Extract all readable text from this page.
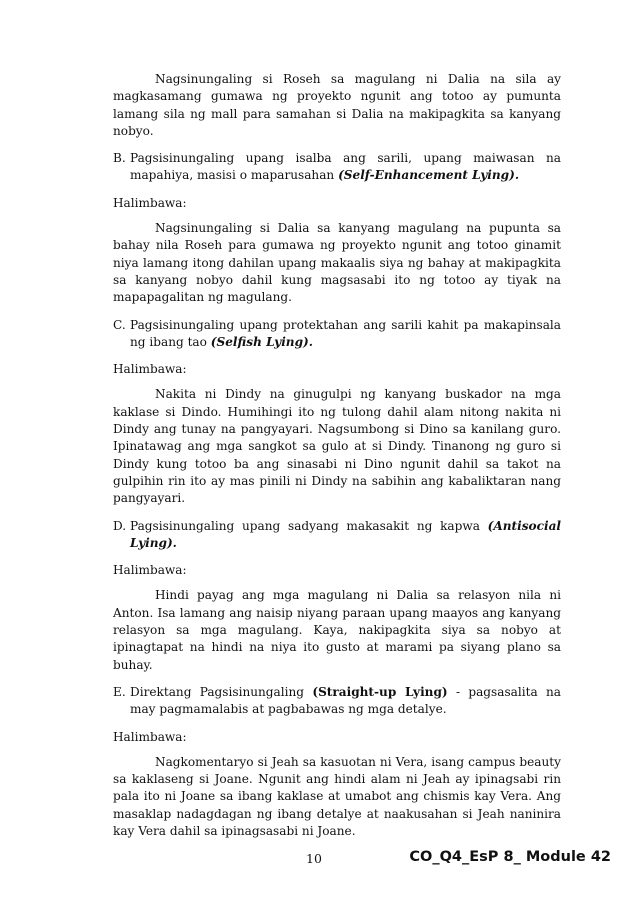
Nagsinungaling si Roseh sa magulang ni Dalia na sila ay magkasamang gumawa ng proyekto ngunit ang totoo ay pumunta lamang sila ng mall para samahan si Dalia na makipagkita sa kanyang nobyo.

B. Pagsisinungaling upang isalba ang sarili, upang maiwasan na mapahiya, masisi o maparusahan (Self-Enhancement Lying).

Halimbawa:

Nagsinungaling si Dalia sa kanyang magulang na pupunta sa bahay nila Roseh para gumawa ng proyekto ngunit ang totoo ginamit niya lamang itong dahilan upang makaalis siya ng bahay at makipagkita sa kanyang nobyo dahil kung magsasabi ito ng totoo ay tiyak na mapapagalitan ng magulang.

C. Pagsisinungaling upang protektahan ang sarili kahit pa makapinsala ng ibang tao (Selfish Lying).

Halimbawa:

Nakita ni Dindy na ginugulpi ng kanyang buskador na mga kaklase si Dindo. Humihingi ito ng tulong dahil alam nitong nakita ni Dindy ang tunay na pangyayari. Nagsumbong si Dino sa kanilang guro. Ipinatawag ang mga sangkot sa gulo at si Dindy. Tinanong ng guro si Dindy kung totoo ba ang sinasabi ni Dino ngunit dahil sa takot na gulpihin rin ito ay mas pinili ni Dindy na sabihin ang kabaliktaran nang pangyayari.

D. Pagsisinungaling upang sadyang makasakit ng kapwa (Antisocial Lying).

Halimbawa:

Hindi payag ang mga magulang ni Dalia sa relasyon nila ni Anton. Isa lamang ang naisip niyang paraan upang maayos ang kanyang relasyon sa mga magulang. Kaya, nakipagkita siya sa nobyo at ipinagtapat na hindi na niya ito gusto at marami pa siyang plano sa buhay.

E. Direktang Pagsisinungaling (Straight-up Lying) - pagsasalita na may pagmamalabis at pagbabawas ng mga detalye.

Halimbawa:

Nagkomentaryo si Jeah sa kasuotan ni Vera, isang campus beauty sa kaklaseng si Joane. Ngunit ang hindi alam ni Jeah ay ipinagsabi rin pala ito ni Joane sa ibang kaklase at umabot ang chismis kay Vera. Ang masaklap nadagdagan ng ibang detalye at naakusahan si Jeah naninira kay Vera dahil sa ipinagsasabi ni Joane.

10	CO_Q4_EsP 8_ Module 42
